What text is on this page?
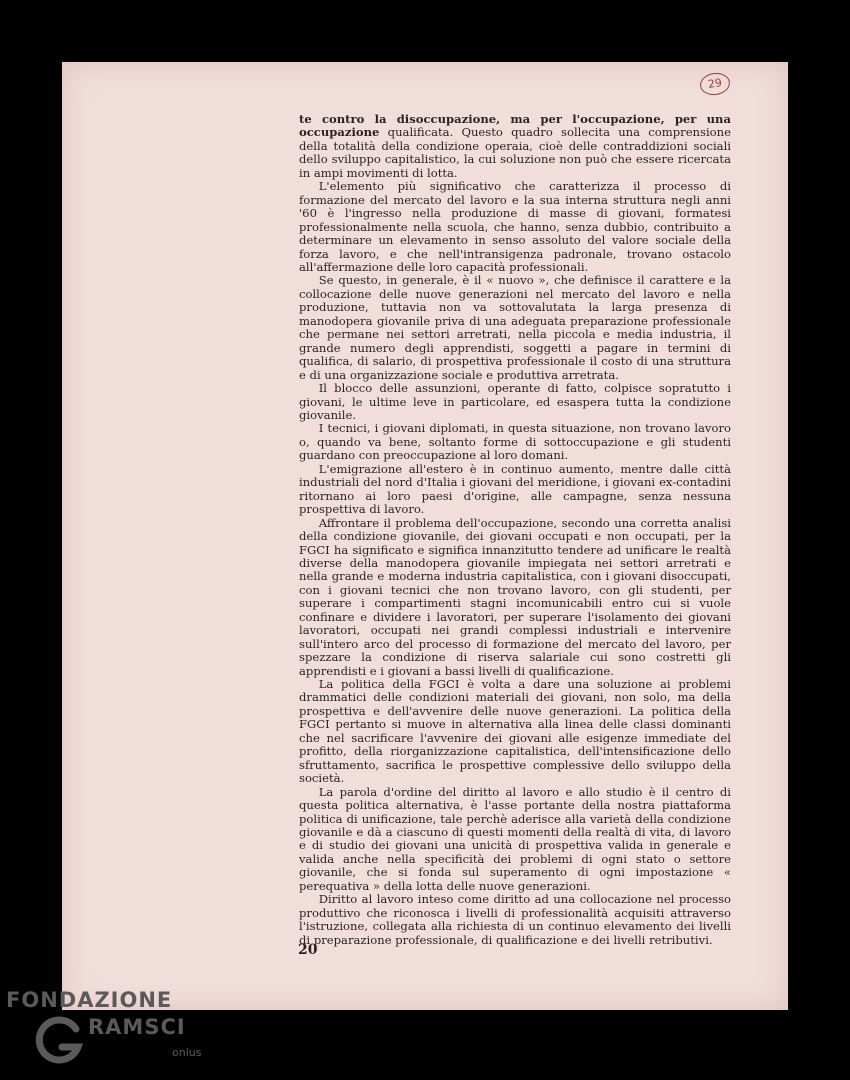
29

te contro la disoccupazione, ma per l'occupazione, per una occupazione qualificata. Questo quadro sollecita una comprensione della totalità della condizione operaia, cioè delle contraddizioni sociali dello sviluppo capitalistico, la cui soluzione non può che essere ricercata in ampi movimenti di lotta.

L'elemento più significativo che caratterizza il processo di formazione del mercato del lavoro e la sua interna struttura negli anni '60 è l'ingresso nella produzione di masse di giovani, formatesi professionalmente nella scuola, che hanno, senza dubbio, contribuito a determinare un elevamento in senso assoluto del valore sociale della forza lavoro, e che nell'intransigenza padronale, trovano ostacolo all'affermazione delle loro capacità professionali.

Se questo, in generale, è il « nuovo », che definisce il carattere e la collocazione delle nuove generazioni nel mercato del lavoro e nella produzione, tuttavia non va sottovalutata la larga presenza di manodopera giovanile priva di una adeguata preparazione professionale che permane nei settori arretrati, nella piccola e media industria, il grande numero degli apprendisti, soggetti a pagare in termini di qualifica, di salario, di prospettiva professionale il costo di una struttura e di una organizzazione sociale e produttiva arretrata.

Il blocco delle assunzioni, operante di fatto, colpisce sopratutto i giovani, le ultime leve in particolare, ed esaspera tutta la condizione giovanile.

I tecnici, i giovani diplomati, in questa situazione, non trovano lavoro o, quando va bene, soltanto forme di sottoccupazione e gli studenti guardano con preoccupazione al loro domani.

L'emigrazione all'estero è in continuo aumento, mentre dalle città industriali del nord d'Italia i giovani del meridione, i giovani ex-contadini ritornano ai loro paesi d'origine, alle campagne, senza nessuna prospettiva di lavoro.

Affrontare il problema dell'occupazione, secondo una corretta analisi della condizione giovanile, dei giovani occupati e non occupati, per la FGCI ha significato e significa innanzitutto tendere ad unificare le realtà diverse della manodopera giovanile impiegata nei settori arretrati e nella grande e moderna industria capitalistica, con i giovani disoccupati, con i giovani tecnici che non trovano lavoro, con gli studenti, per superare i compartimenti stagni incomunicabili entro cui si vuole confinare e dividere i lavoratori, per superare l'isolamento dei giovani lavoratori, occupati nei grandi complessi industriali e intervenire sull'intero arco del processo di formazione del mercato del lavoro, per spezzare la condizione di riserva salariale cui sono costretti gli apprendisti e i giovani a bassi livelli di qualificazione.

La politica della FGCI è volta a dare una soluzione ai problemi drammatici delle condizioni materiali dei giovani, non solo, ma della prospettiva e dell'avvenire delle nuove generazioni. La politica della FGCI pertanto si muove in alternativa alla linea delle classi dominanti che nel sacrificare l'avvenire dei giovani alle esigenze immediate del profitto, della riorganizzazione capitalistica, dell'intensificazione dello sfruttamento, sacrifica le prospettive complessive dello sviluppo della società.

La parola d'ordine del diritto al lavoro e allo studio è il centro di questa politica alternativa, è l'asse portante della nostra piattaforma politica di unificazione, tale perchè aderisce alla varietà della condizione giovanile e dà a ciascuno di questi momenti della realtà di vita, di lavoro e di studio dei giovani una unicità di prospettiva valida in generale e valida anche nella specificità dei problemi di ogni stato o settore giovanile, che si fonda sul superamento di ogni impostazione « perequativa » della lotta delle nuove generazioni.

Diritto al lavoro inteso come diritto ad una collocazione nel processo produttivo che riconosca i livelli di professionalità acquisiti attraverso l'istruzione, collegata alla richiesta di un continuo elevamento dei livelli di preparazione professionale, di qualificazione e dei livelli retributivi.

20
FONDAZIONE
RAMSCI
onlus
